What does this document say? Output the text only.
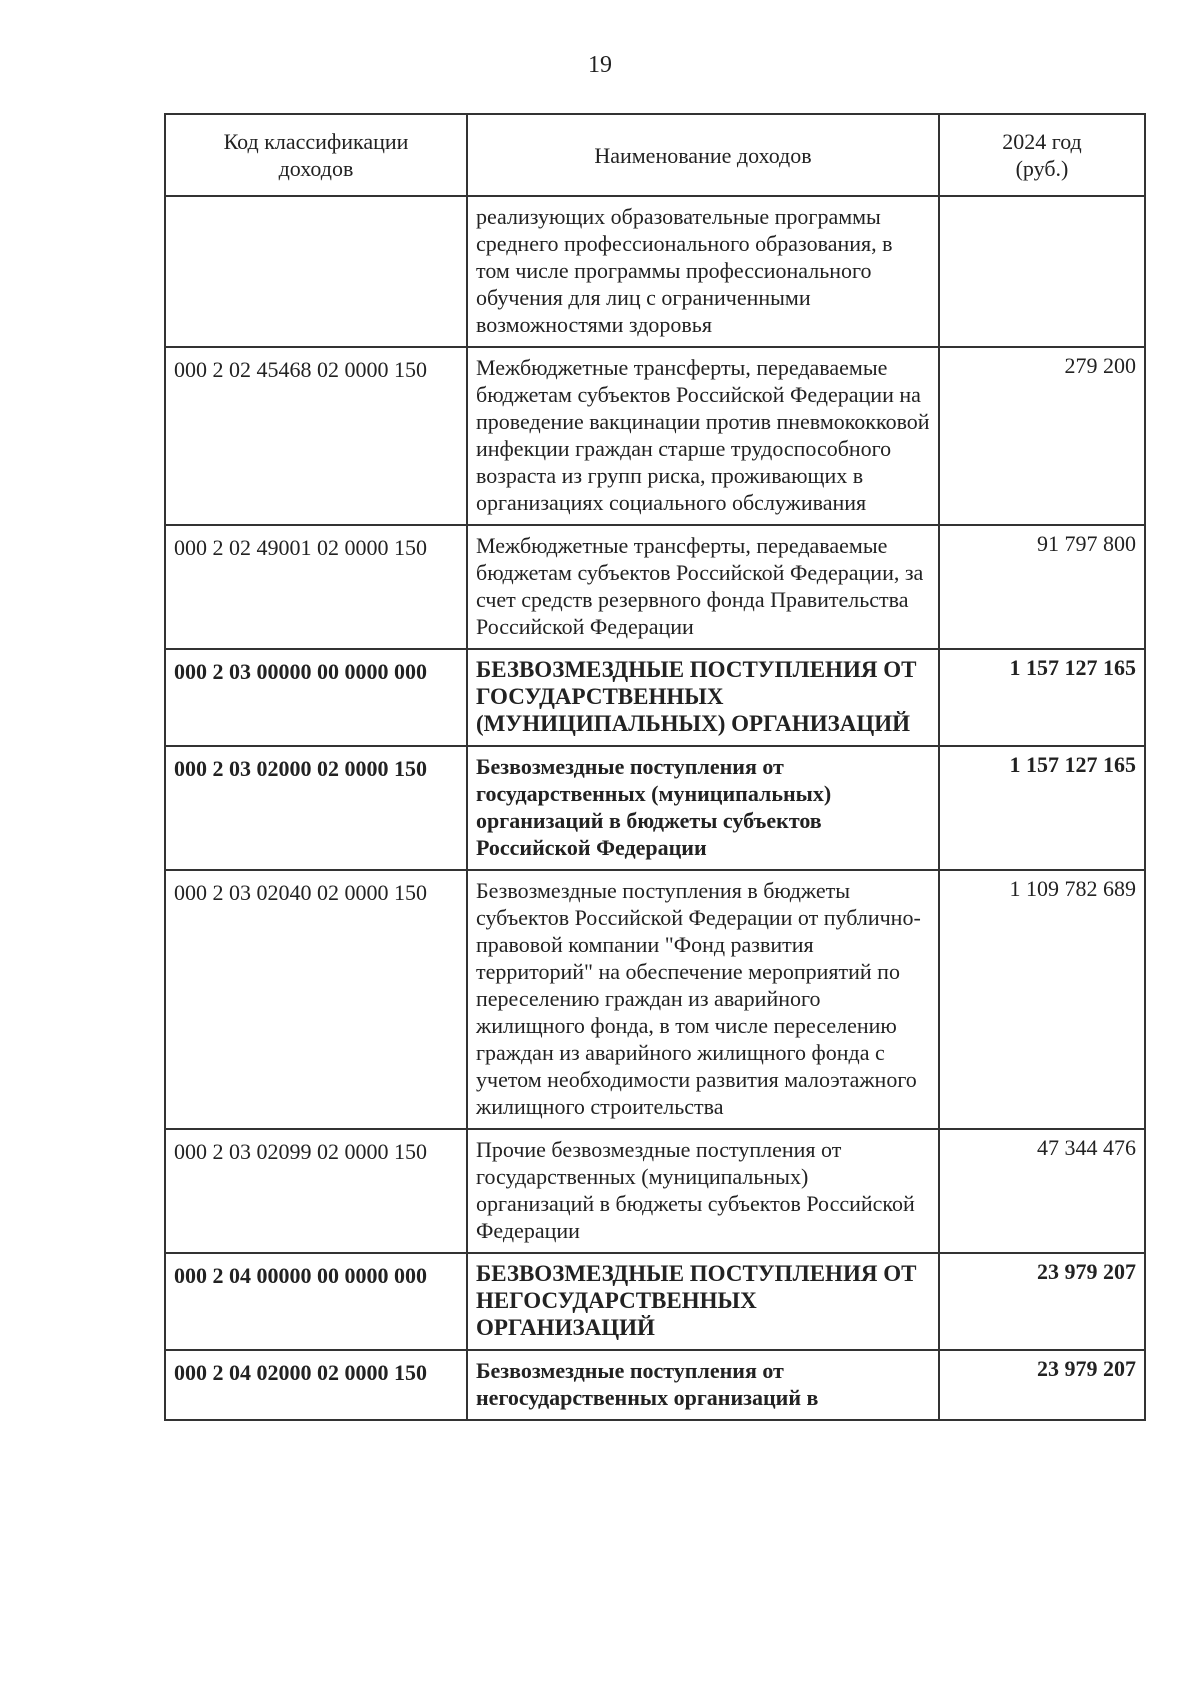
19
Код классификации доходов	Наименование доходов	2024 год (руб.)
	реализующих образовательные программы среднего профессионального образования, в том числе программы профессионального обучения для лиц с ограниченными возможностями здоровья	
000 2 02 45468 02 0000 150	Межбюджетные трансферты, передаваемые бюджетам субъектов Российской Федерации на проведение вакцинации против пневмококковой инфекции граждан старше трудоспособного возраста из групп риска, проживающих в организациях социального обслуживания	279 200
000 2 02 49001 02 0000 150	Межбюджетные трансферты, передаваемые бюджетам субъектов Российской Федерации, за счет средств резервного фонда Правительства Российской Федерации	91 797 800
000 2 03 00000 00 0000 000	БЕЗВОЗМЕЗДНЫЕ ПОСТУПЛЕНИЯ ОТ ГОСУДАРСТВЕННЫХ (МУНИЦИПАЛЬНЫХ) ОРГАНИЗАЦИЙ	1 157 127 165
000 2 03 02000 02 0000 150	Безвозмездные поступления от государственных (муниципальных) организаций в бюджеты субъектов Российской Федерации	1 157 127 165
000 2 03 02040 02 0000 150	Безвозмездные поступления в бюджеты субъектов Российской Федерации от публично-правовой компании "Фонд развития территорий" на обеспечение мероприятий по переселению граждан из аварийного жилищного фонда, в том числе переселению граждан из аварийного жилищного фонда с учетом необходимости развития малоэтажного жилищного строительства	1 109 782 689
000 2 03 02099 02 0000 150	Прочие безвозмездные поступления от государственных (муниципальных) организаций в бюджеты субъектов Российской Федерации	47 344 476
000 2 04 00000 00 0000 000	БЕЗВОЗМЕЗДНЫЕ ПОСТУПЛЕНИЯ ОТ НЕГОСУДАРСТВЕННЫХ ОРГАНИЗАЦИЙ	23 979 207
000 2 04 02000 02 0000 150	Безвозмездные поступления от негосударственных организаций в	23 979 207
